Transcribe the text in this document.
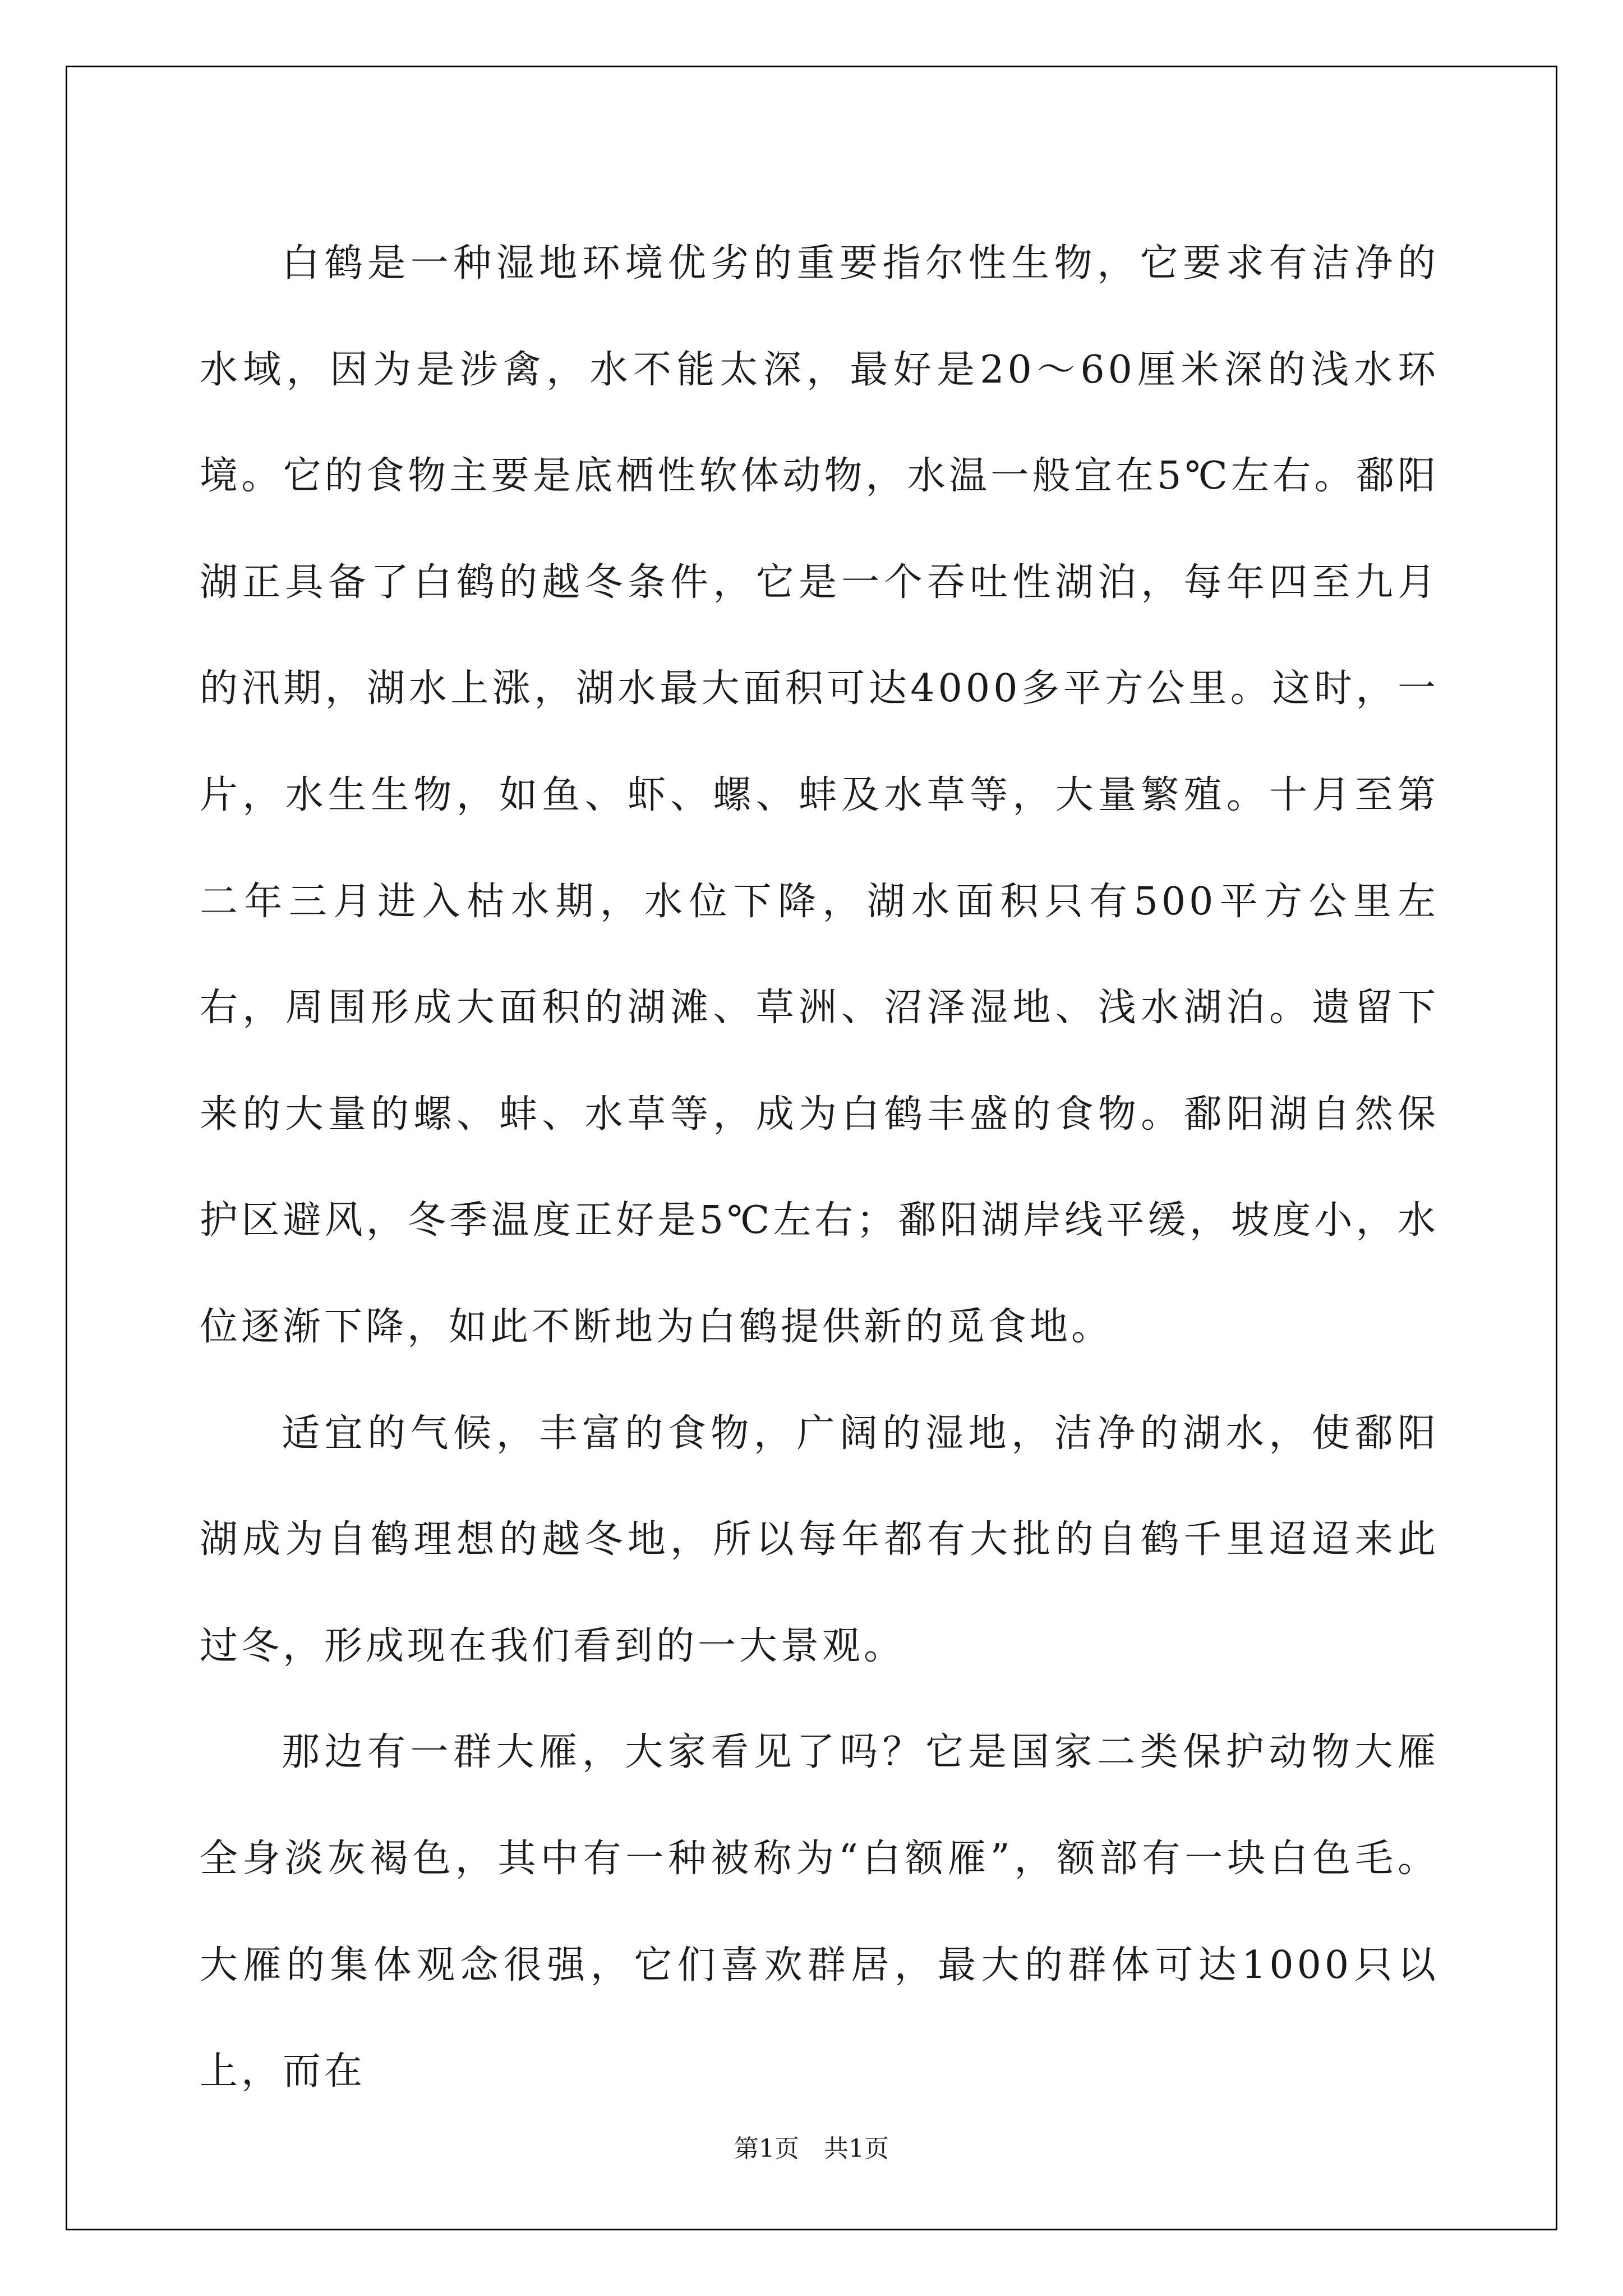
白鹤是一种湿地环境优劣的重要指尔性生物，它要求有洁净的水域，因为是涉禽，水不能太深，最好是20～60厘米深的浅水环境。它的食物主要是底栖性软体动物，水温一般宜在5℃左右。鄱阳湖正具备了白鹤的越冬条件，它是一个吞吐性湖泊，每年四至九月的汛期，湖水上涨，湖水最大面积可达4000多平方公里。这时，一片，水生生物，如鱼、虾、螺、蚌及水草等，大量繁殖。十月至第二年三月进入枯水期，水位下降，湖水面积只有500平方公里左右，周围形成大面积的湖滩、草洲、沼泽湿地、浅水湖泊。遗留下来的大量的螺、蚌、水草等，成为白鹤丰盛的食物。鄱阳湖自然保护区避风，冬季温度正好是5℃左右；鄱阳湖岸线平缓，坡度小，水位逐渐下降，如此不断地为白鹤提供新的觅食地。

适宜的气候，丰富的食物，广阔的湿地，洁净的湖水，使鄱阳湖成为自鹤理想的越冬地，所以每年都有大批的自鹤千里迢迢来此过冬，形成现在我们看到的一大景观。

那边有一群大雁，大家看见了吗？它是国家二类保护动物大雁全身淡灰褐色，其中有一种被称为“白额雁”，额部有一块白色毛。大雁的集体观念很强，它们喜欢群居，最大的群体可达1000只以上，而在

第1页 共1页
